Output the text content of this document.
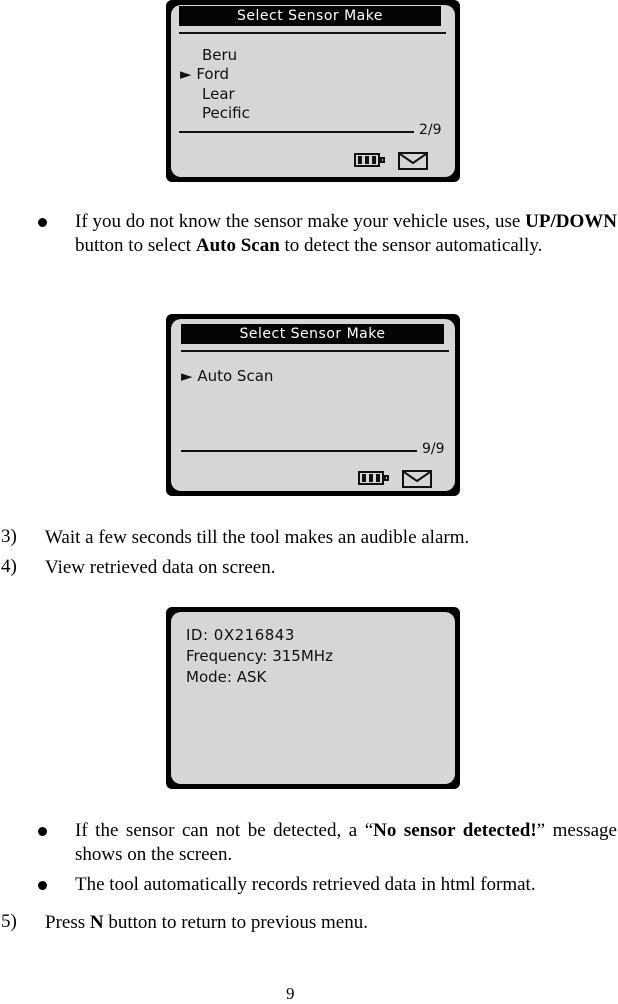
Select Sensor Make
Beru
► Ford
Lear
Pecific
2/9
If you do not know the sensor make your vehicle uses, use UP/DOWN button to select Auto Scan to detect the sensor automatically.
Select Sensor Make
► Auto Scan
9/9
3) Wait a few seconds till the tool makes an audible alarm.
4) View retrieved data on screen.
ID: 0X216843
Frequency: 315MHz
Mode: ASK
If the sensor can not be detected, a “No sensor detected!” message shows on the screen.
The tool automatically records retrieved data in html format.
5) Press N button to return to previous menu.
9
